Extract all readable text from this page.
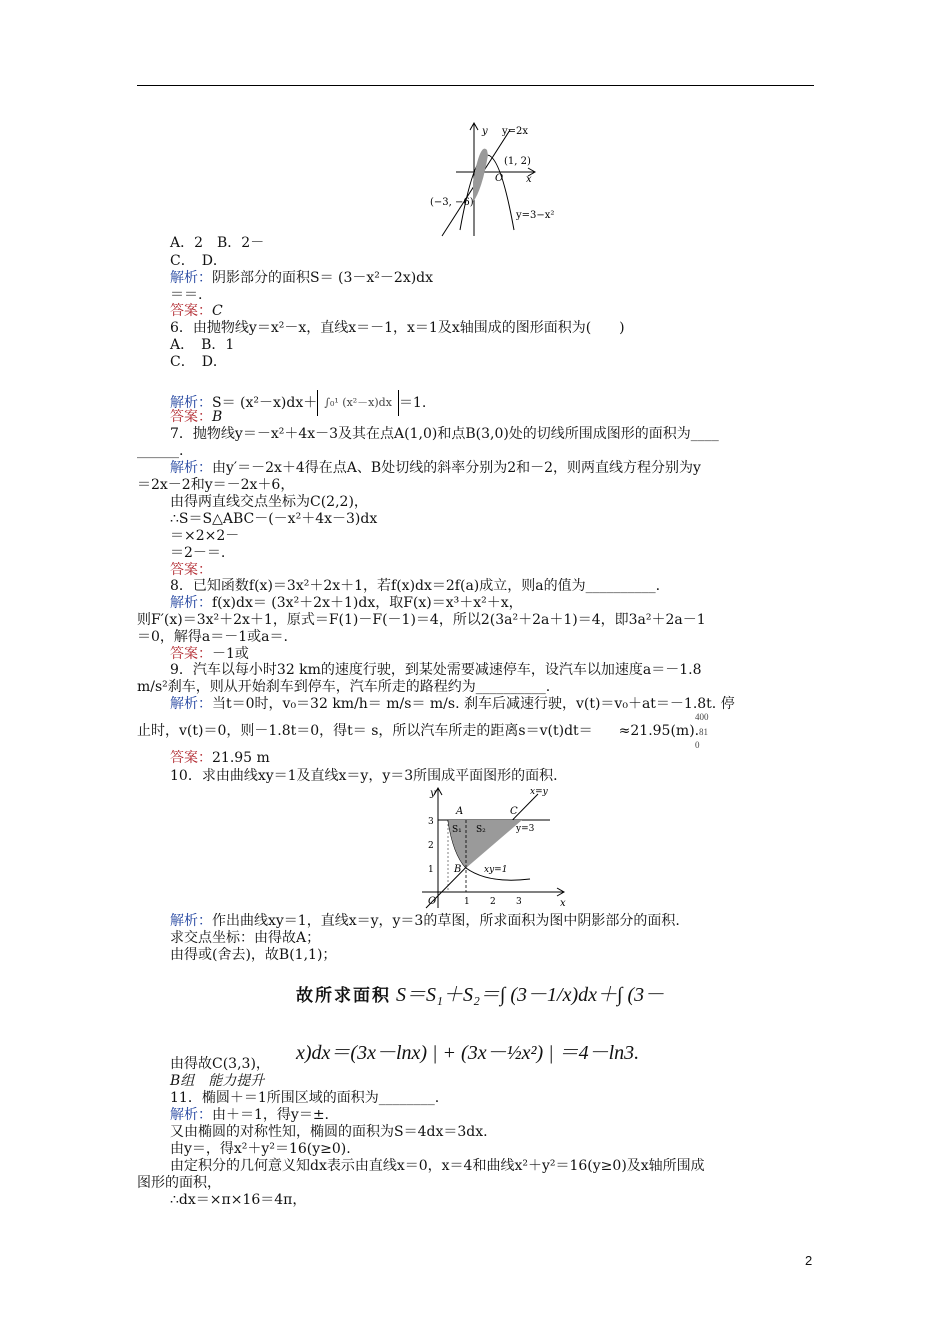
y y=2x
(1, 2)
O x
(−3, −6)
y=3−x²
A．2　B．2－
C．　D．
解析：阴影部分的面积S＝ (3－x²－2x)dx
＝＝.
答案：C
6．由抛物线y＝x²－x，直线x＝－1，x＝1及x轴围成的图形面积为(　　)
A．　B．1
C．　D．
解析：S＝ (x²－x)dx＋ ∫₀¹ (x²－x)dx ＝1.
答案：B
7．抛物线y＝－x²＋4x－3及其在点A(1,0)和点B(3,0)处的切线所围成图形的面积为____
______.
解析：由y′＝－2x＋4得在点A、B处切线的斜率分别为2和－2，则两直线方程分别为y
＝2x－2和y＝－2x＋6，
由得两直线交点坐标为C(2,2)，
∴S＝S△ABC－(－x²＋4x－3)dx
＝×2×2－
＝2－＝.
答案：
8．已知函数f(x)＝3x²＋2x＋1，若f(x)dx＝2f(a)成立，则a的值为__________.
解析：f(x)dx＝ (3x²＋2x＋1)dx，取F(x)＝x³＋x²＋x，
则F′(x)＝3x²＋2x＋1，原式＝F(1)－F(－1)＝4，所以2(3a²＋2a＋1)＝4，即3a²＋2a－1
＝0，解得a＝－1或a＝.
答案：－1或
9．汽车以每小时32 km的速度行驶，到某处需要减速停车，设汽车以加速度a＝－1.8
m/s²刹车，则从开始刹车到停车，汽车所走的路程约为__________.
解析：当t＝0时，v₀＝32 km/h＝ m/s＝ m/s. 刹车后减速行驶，v(t)＝v₀＋at＝－1.8t. 停
止时，v(t)＝0，则－1.8t＝0，得t＝ s，所以汽车所走的距离s＝v(t)dt＝ ≈21.95(m).
400
81
0
答案：21.95 m
10．求由曲线xy＝1及直线x＝y，y＝3所围成平面图形的面积.
y
x
x=y
A	C
S₁ S₂	y=3
B	xy=1
O	1 2 3
1
2
3
解析：作出曲线xy＝1，直线x＝y，y＝3的草图，所求面积为图中阴影部分的面积.
求交点坐标：由得故A；
由得或(舍去)，故B(1,1)；
故所求面积 S＝S₁＋S₂＝∫ (3－1/x)dx＋∫ (3－
x)dx＝(3x－lnx) | + (3x－½x²) | ＝4－ln3.
由得故C(3,3)，
B组　能力提升
11．椭圆＋＝1所围区域的面积为________.
解析：由＋＝1，得y＝±.
又由椭圆的对称性知，椭圆的面积为S＝4dx＝3dx.
由y＝，得x²＋y²＝16(y≥0).
由定积分的几何意义知dx表示由直线x＝0，x＝4和曲线x²＋y²＝16(y≥0)及x轴所围成
图形的面积，
∴dx＝×π×16＝4π，
2
